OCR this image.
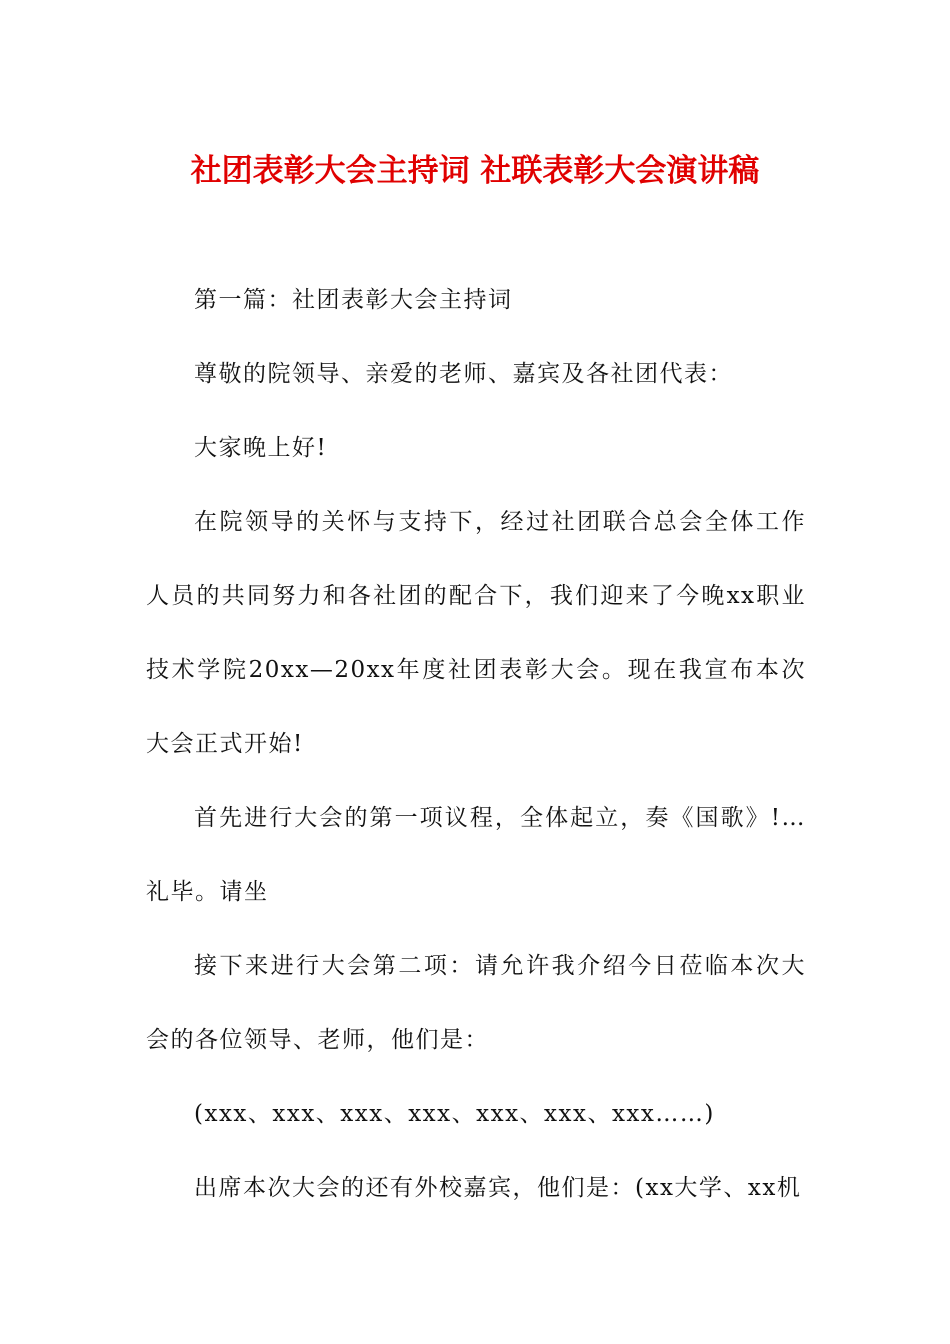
社团表彰大会主持词 社联表彰大会演讲稿

第一篇：社团表彰大会主持词

尊敬的院领导、亲爱的老师、嘉宾及各社团代表：

大家晚上好!

在院领导的关怀与支持下，经过社团联合总会全体工作人员的共同努力和各社团的配合下，我们迎来了今晚xx职业技术学院20xx—20xx年度社团表彰大会。现在我宣布本次大会正式开始!

首先进行大会的第一项议程，全体起立，奏《国歌》!…礼毕。请坐

接下来进行大会第二项：请允许我介绍今日莅临本次大会的各位领导、老师，他们是：

(xxx、xxx、xxx、xxx、xxx、xxx、xxx……)

出席本次大会的还有外校嘉宾，他们是：(xx大学、xx机
